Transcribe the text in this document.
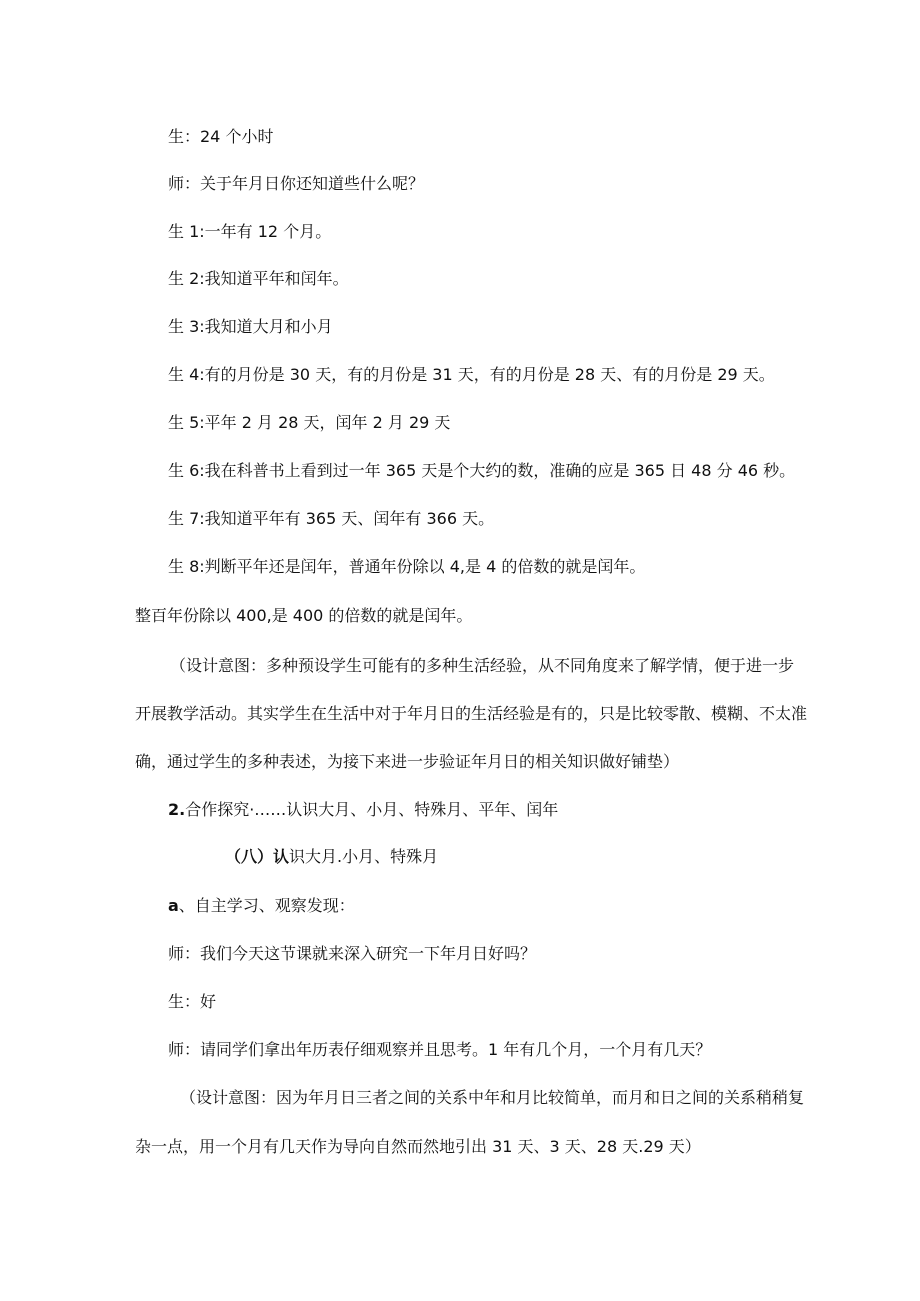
生：24 个小时
师：关于年月日你还知道些什么呢？
生 1:一年有 12 个月。
生 2:我知道平年和闰年。
生 3:我知道大月和小月
生 4:有的月份是 30 天，有的月份是 31 天，有的月份是 28 天、有的月份是 29 天。
生 5:平年 2 月 28 天，闰年 2 月 29 天
生 6:我在科普书上看到过一年 365 天是个大约的数，准确的应是 365 日 48 分 46 秒。
生 7:我知道平年有 365 天、闰年有 366 天。
生 8:判断平年还是闰年，普通年份除以 4,是 4 的倍数的就是闰年。
整百年份除以 400,是 400 的倍数的就是闰年。
（设计意图：多种预设学生可能有的多种生活经验，从不同角度来了解学情，便于进一步
开展教学活动。其实学生在生活中对于年月日的生活经验是有的，只是比较零散、模糊、不太准
确，通过学生的多种表述，为接下来进一步验证年月日的相关知识做好铺垫）
2.合作探究·……认识大月、小月、特殊月、平年、闰年
（八）认识大月.小月、特殊月
a、自主学习、观察发现：
师：我们今天这节课就来深入研究一下年月日好吗？
生：好
师：请同学们拿出年历表仔细观察并且思考。1 年有几个月，一个月有几天？
（设计意图：因为年月日三者之间的关系中年和月比较简单，而月和日之间的关系稍稍复
杂一点，用一个月有几天作为导向自然而然地引出 31 天、3 天、28 天.29 天）
